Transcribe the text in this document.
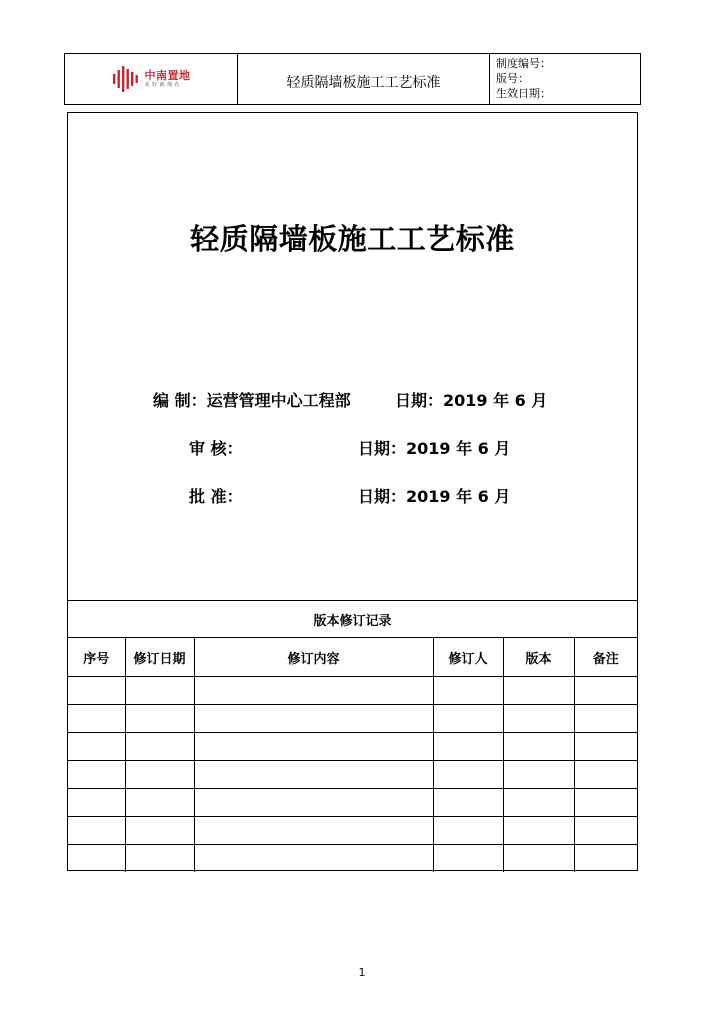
中南置地
美好就现在	轻质隔墙板施工工艺标准
制度编号：
版号：
生效日期：
轻质隔墙板施工工艺标准
编 制：运营管理中心工程部	日期：2019 年 6 月
审 核：	日期：2019 年 6 月
批 准：	日期：2019 年 6 月
版本修订记录
序号	修订日期	修订内容	修订人	版本	备注

1
